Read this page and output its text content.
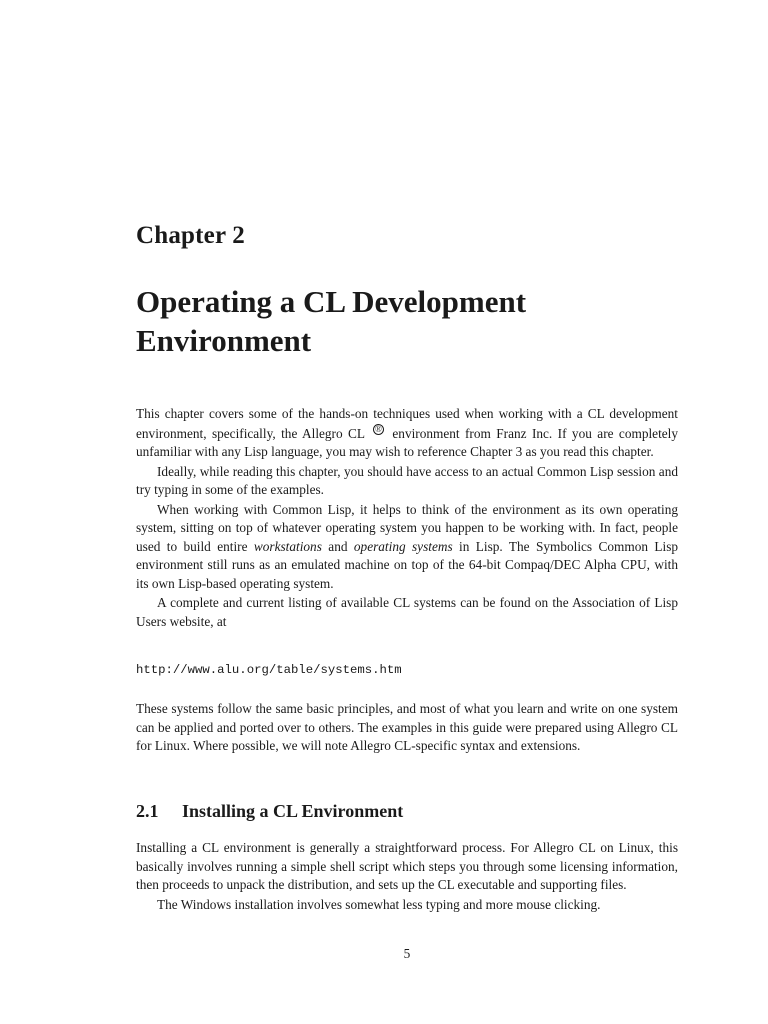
Chapter 2
Operating a CL Development Environment

This chapter covers some of the hands-on techniques used when working with a CL development environment, specifically, the Allegro CL ® environment from Franz Inc. If you are completely unfamiliar with any Lisp language, you may wish to reference Chapter 3 as you read this chapter.

Ideally, while reading this chapter, you should have access to an actual Common Lisp session and try typing in some of the examples.

When working with Common Lisp, it helps to think of the environment as its own operating system, sitting on top of whatever operating system you happen to be working with. In fact, people used to build entire workstations and operating systems in Lisp. The Symbolics Common Lisp environment still runs as an emulated machine on top of the 64-bit Compaq/DEC Alpha CPU, with its own Lisp-based operating system.

A complete and current listing of available CL systems can be found on the Association of Lisp Users website, at

http://www.alu.org/table/systems.htm

These systems follow the same basic principles, and most of what you learn and write on one system can be applied and ported over to others. The examples in this guide were prepared using Allegro CL for Linux. Where possible, we will note Allegro CL-specific syntax and extensions.

2.1 Installing a CL Environment

Installing a CL environment is generally a straightforward process. For Allegro CL on Linux, this basically involves running a simple shell script which steps you through some licensing information, then proceeds to unpack the distribution, and sets up the CL executable and supporting files.

The Windows installation involves somewhat less typing and more mouse clicking.

5
